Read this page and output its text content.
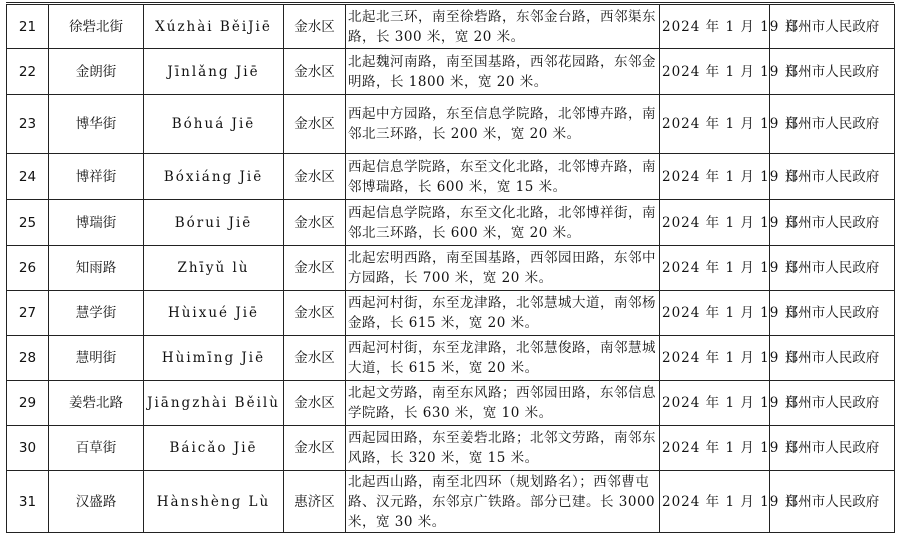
21	徐砦北街	Xúzhài BěiJiē	金水区	北起北三环，南至徐砦路，东邻金台路，西邻渠东路，长 300 米，宽 20 米。	2024 年 1 月 19 日	郑州市人民政府
22	金朗街	Jīnlǎng Jiē	金水区	北起魏河南路，南至国基路，西邻花园路，东邻金明路，长 1800 米，宽 20 米。	2024 年 1 月 19 日	郑州市人民政府
23	博华街	Bóhuá Jiē	金水区	西起中方园路，东至信息学院路，北邻博卉路，南邻北三环路，长 200 米，宽 20 米。	2024 年 1 月 19 日	郑州市人民政府
24	博祥街	Bóxiáng Jiē	金水区	西起信息学院路，东至文化北路，北邻博卉路，南邻博瑞路，长 600 米，宽 15 米。	2024 年 1 月 19 日	郑州市人民政府
25	博瑞街	Bórui Jiē	金水区	西起信息学院路，东至文化北路，北邻博祥街，南邻北三环路，长 600 米，宽 20 米。	2024 年 1 月 19 日	郑州市人民政府
26	知雨路	Zhīyǔ lù	金水区	北起宏明西路，南至国基路，西邻园田路，东邻中方园路，长 700 米，宽 20 米。	2024 年 1 月 19 日	郑州市人民政府
27	慧学街	Hùixué Jiē	金水区	西起河村街，东至龙津路，北邻慧城大道，南邻杨金路，长 615 米，宽 20 米。	2024 年 1 月 19 日	郑州市人民政府
28	慧明街	Hùimīng Jiē	金水区	西起河村街，东至龙津路，北邻慧俊路，南邻慧城大道，长 615 米，宽 20 米。	2024 年 1 月 19 日	郑州市人民政府
29	姜砦北路	Jiāngzhài Běilù	金水区	北起文劳路，南至东风路；西邻园田路，东邻信息学院路，长 630 米，宽 10 米。	2024 年 1 月 19 日	郑州市人民政府
30	百草街	Báicǎo Jiē	金水区	西起园田路，东至姜砦北路；北邻文劳路，南邻东风路，长 320 米，宽 15 米。	2024 年 1 月 19 日	郑州市人民政府
31	汉盛路	Hànshèng Lù	惠济区	北起西山路，南至北四环（规划路名）；西邻曹屯路、汉元路，东邻京广铁路。部分已建。长 3000 米，宽 30 米。	2024 年 1 月 19 日	郑州市人民政府
